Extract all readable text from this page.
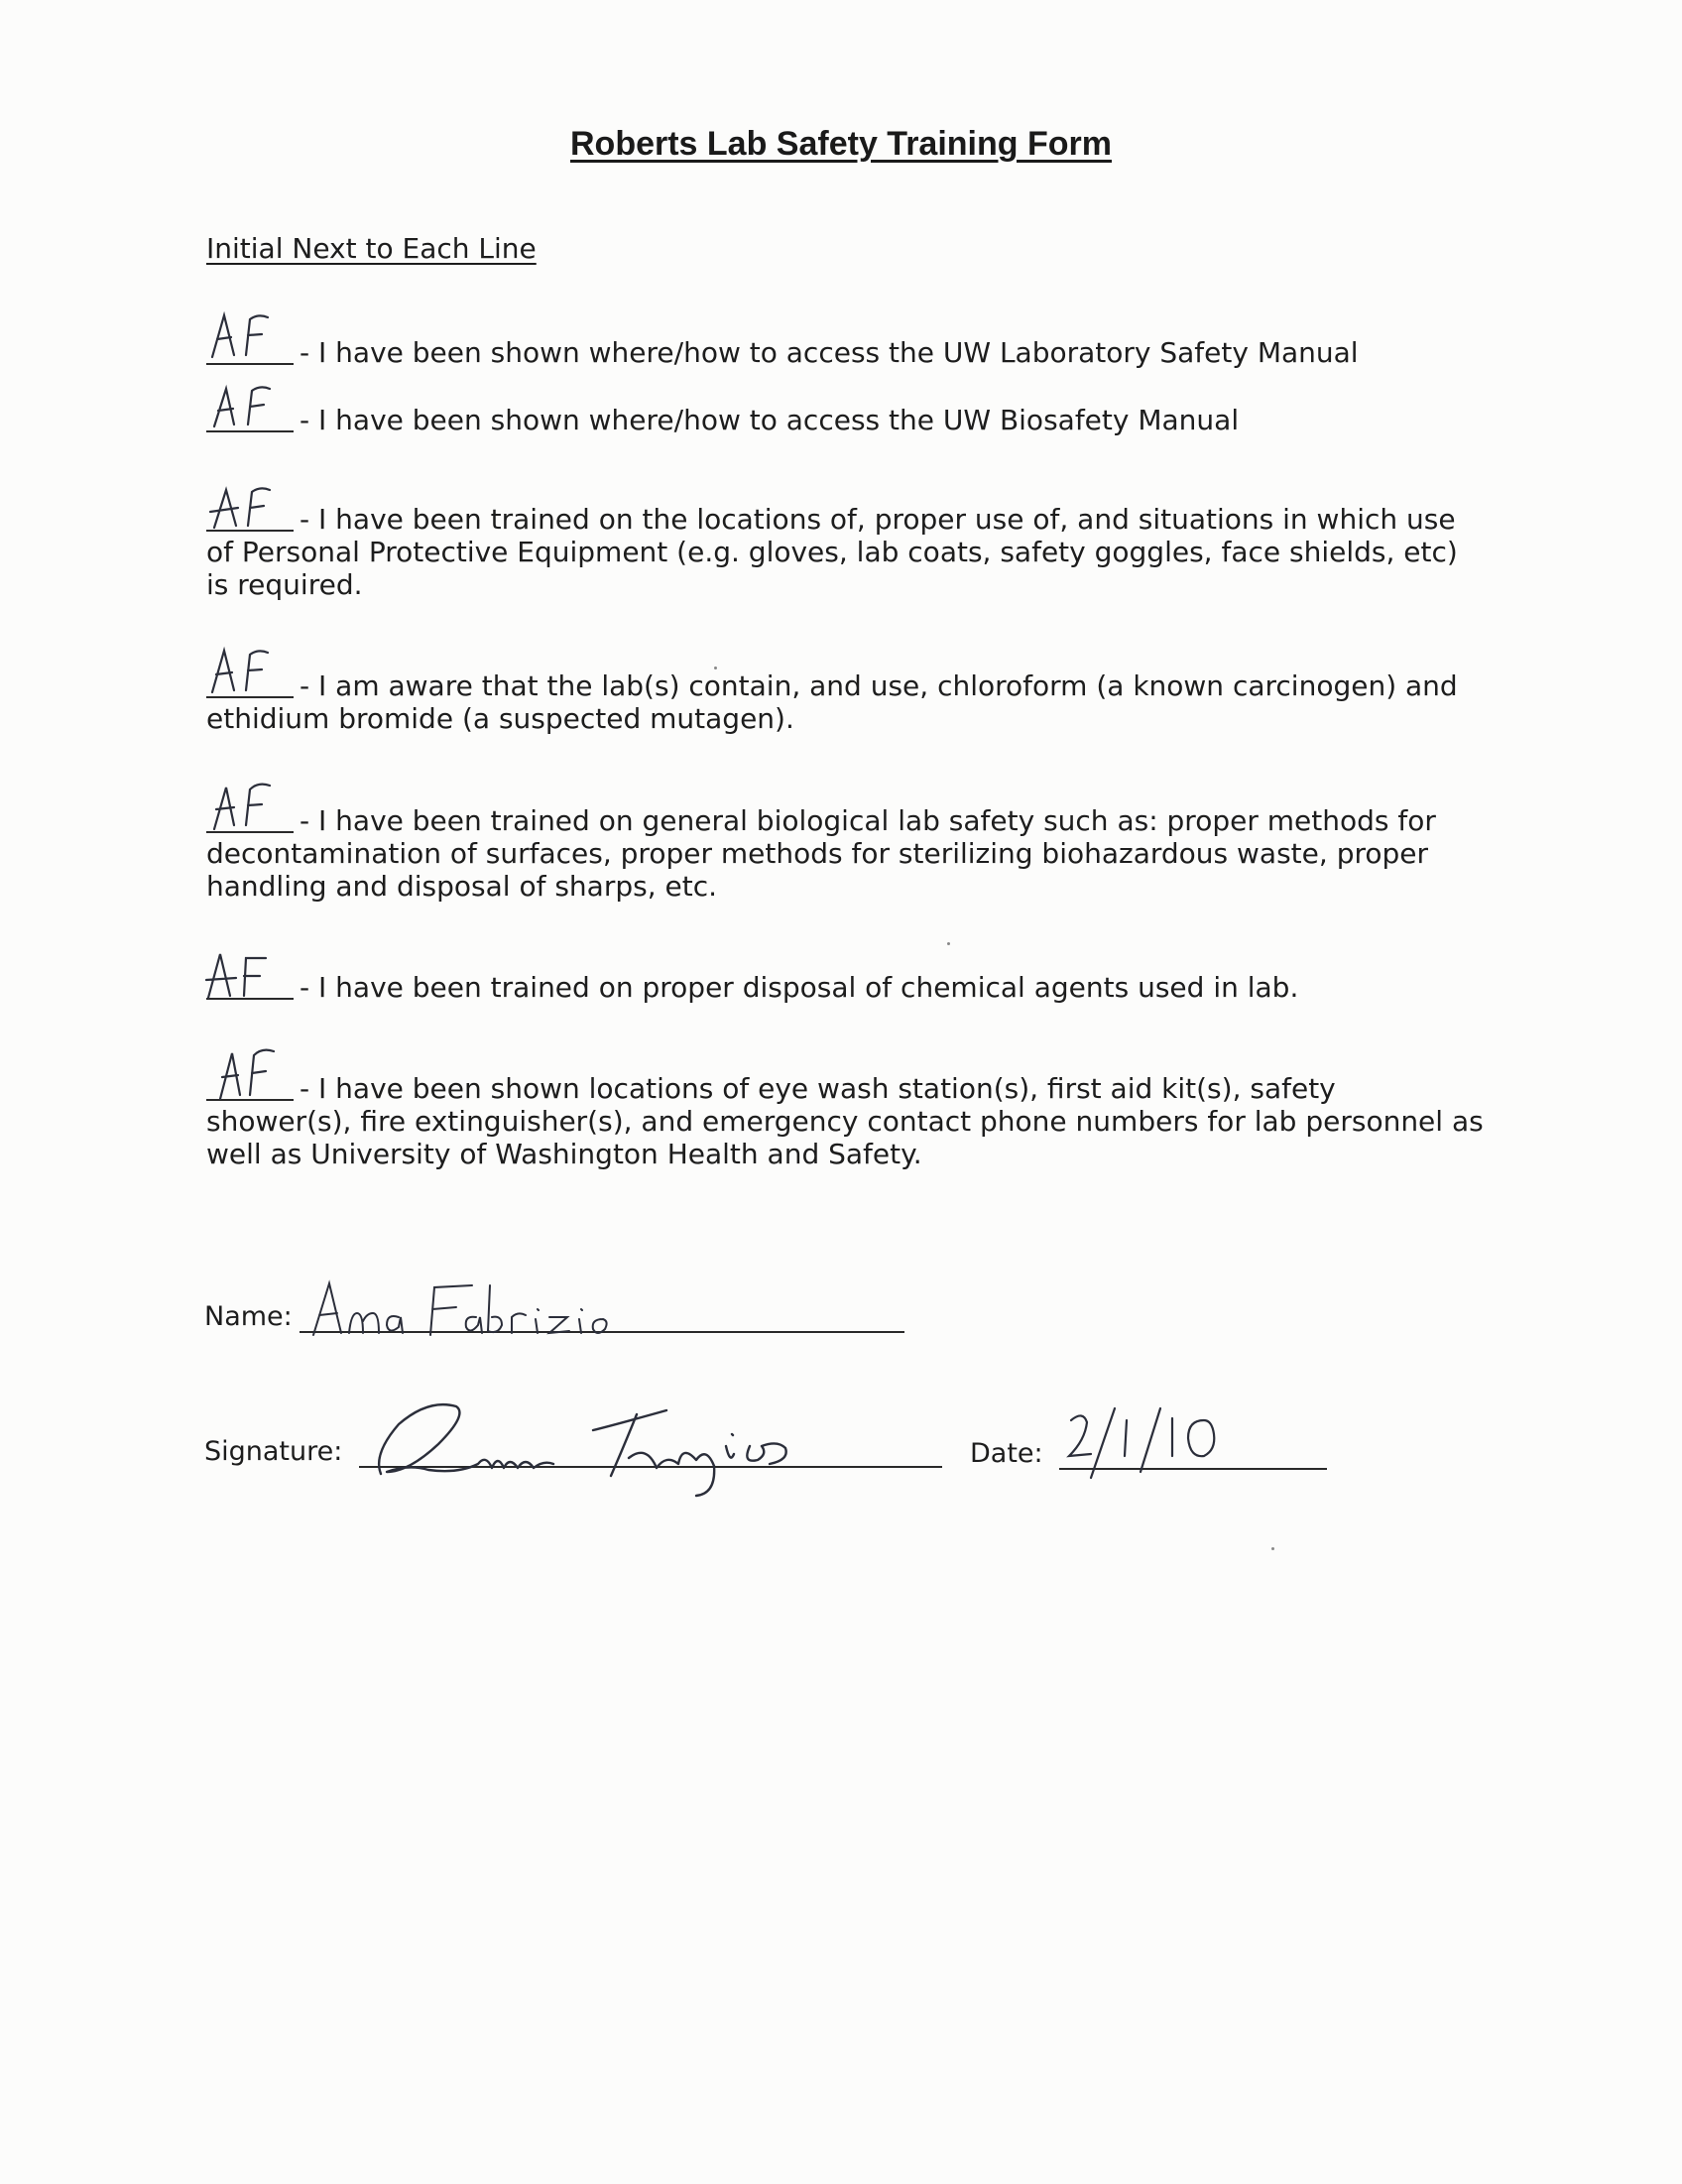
Roberts Lab Safety Training Form
Initial Next to Each Line
- I have been shown where/how to access the UW Laboratory Safety Manual
- I have been shown where/how to access the UW Biosafety Manual
- I have been trained on the locations of, proper use of, and situations in which use of Personal Protective Equipment (e.g. gloves, lab coats, safety goggles, face shields, etc) is required.
- I am aware that the lab(s) contain, and use, chloroform (a known carcinogen) and ethidium bromide (a suspected mutagen).
- I have been trained on general biological lab safety such as: proper methods for decontamination of surfaces, proper methods for sterilizing biohazardous waste, proper handling and disposal of sharps, etc.
- I have been trained on proper disposal of chemical agents used in lab.
- I have been shown locations of eye wash station(s), first aid kit(s), safety shower(s), fire extinguisher(s), and emergency contact phone numbers for lab personnel as well as University of Washington Health and Safety.
Name:
Signature:	Date:
